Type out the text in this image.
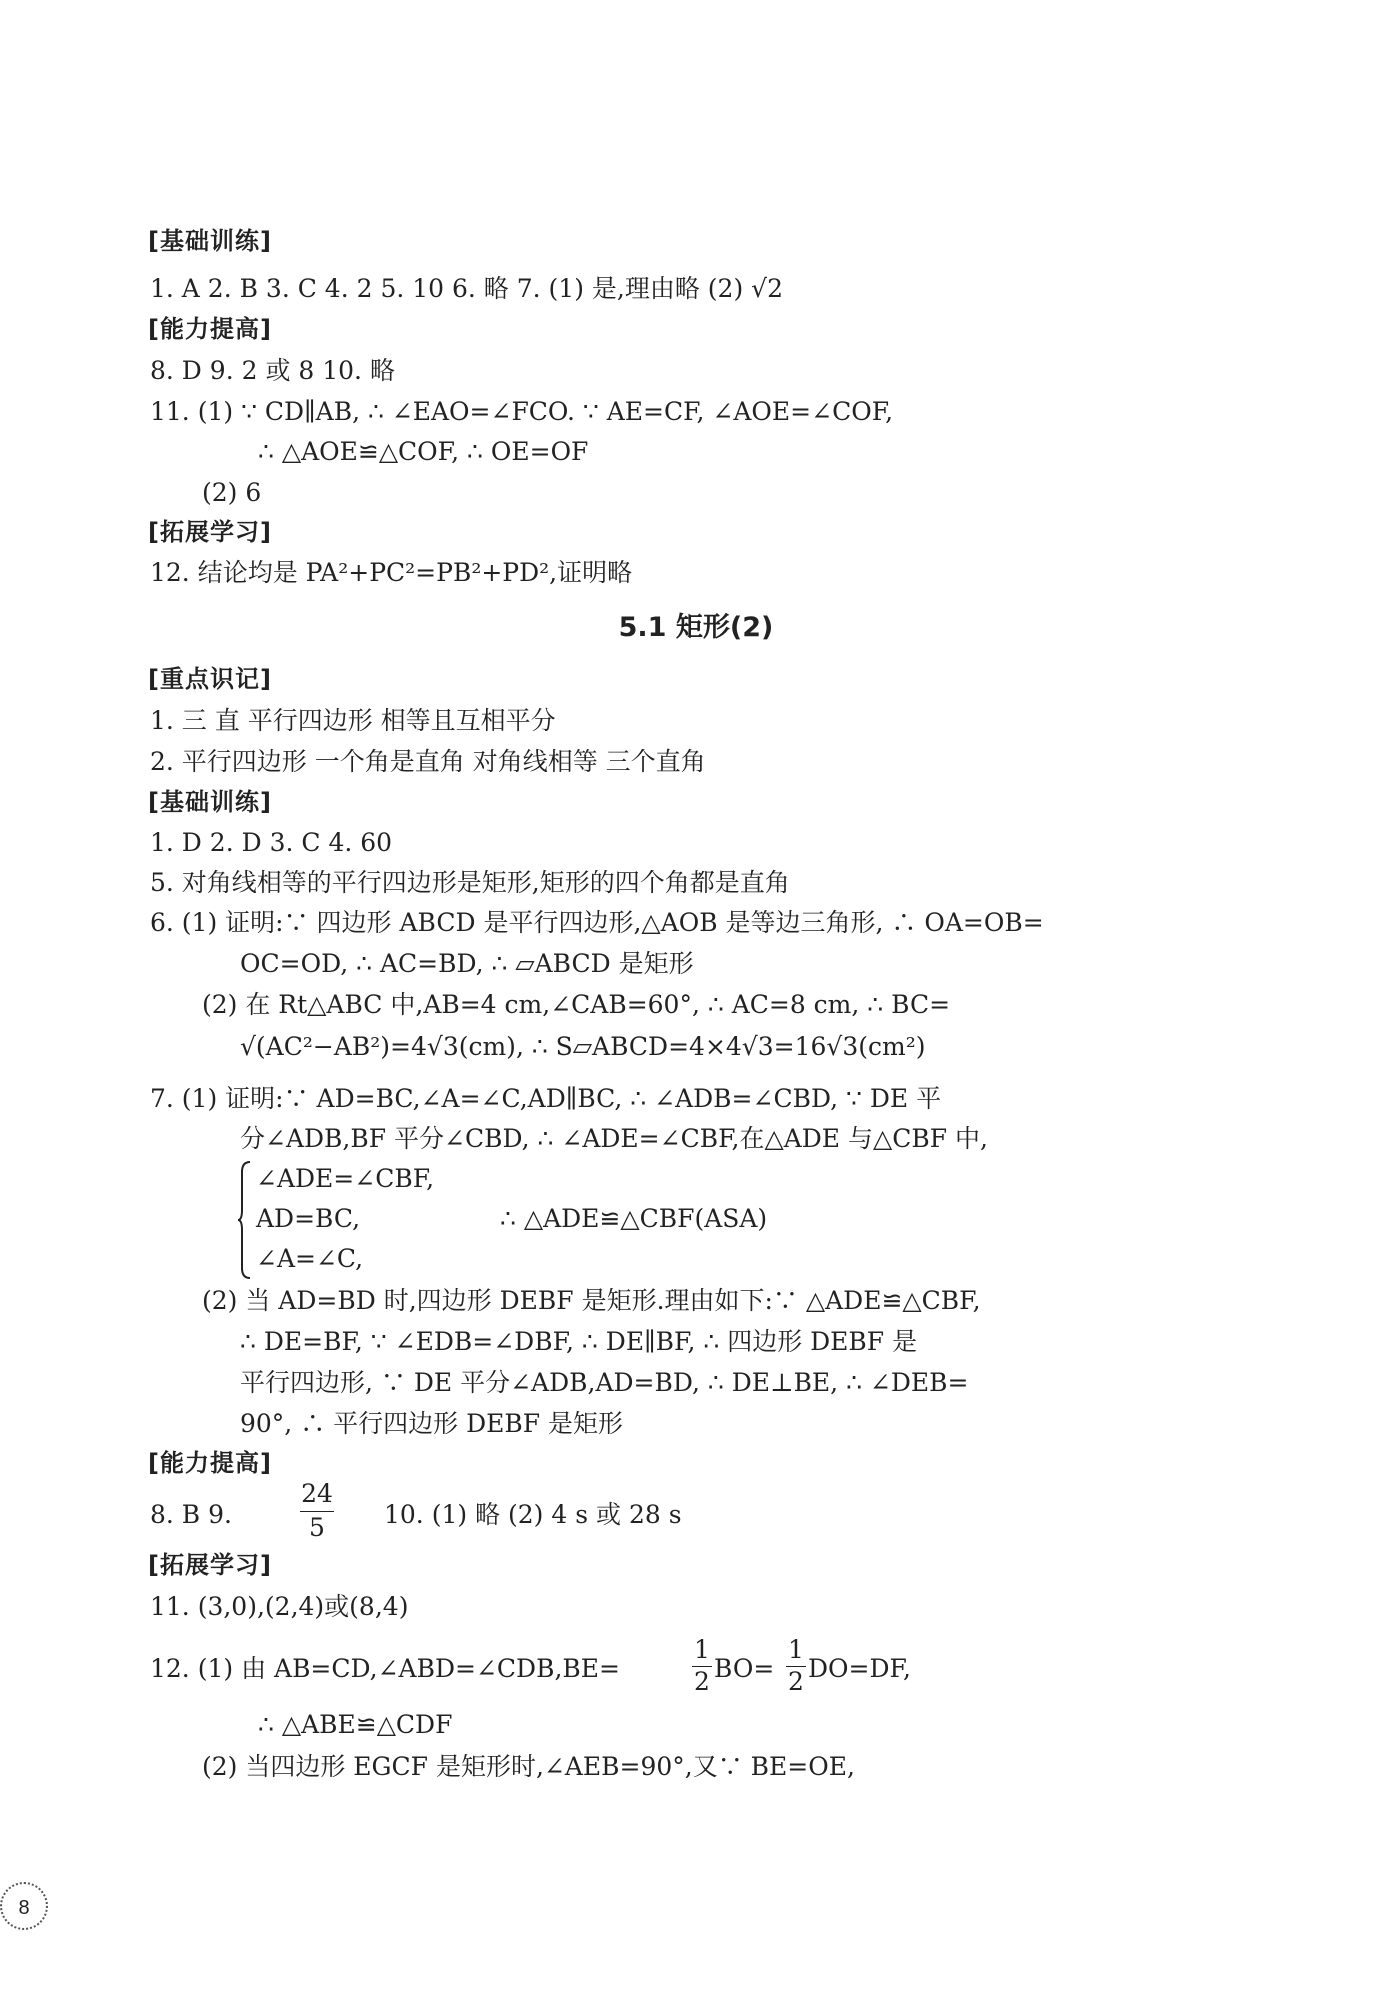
[基础训练]
1. A 2. B 3. C 4. 2 5. 10 6. 略 7. (1) 是,理由略 (2) √2
[能力提高]
8. D 9. 2 或 8 10. 略
11. (1) ∵ CD∥AB, ∴ ∠EAO=∠FCO. ∵ AE=CF, ∠AOE=∠COF,
∴ △AOE≌△COF, ∴ OE=OF
(2) 6
[拓展学习]
12. 结论均是 PA²+PC²=PB²+PD²,证明略
5.1 矩形(2)
[重点识记]
1. 三 直 平行四边形 相等且互相平分
2. 平行四边形 一个角是直角 对角线相等 三个直角
[基础训练]
1. D 2. D 3. C 4. 60
5. 对角线相等的平行四边形是矩形,矩形的四个角都是直角
6. (1) 证明:∵ 四边形 ABCD 是平行四边形,△AOB 是等边三角形, ∴ OA=OB=
OC=OD, ∴ AC=BD, ∴ ▱ABCD 是矩形
(2) 在 Rt△ABC 中,AB=4 cm,∠CAB=60°, ∴ AC=8 cm, ∴ BC=
√(AC²−AB²)=4√3(cm), ∴ S▱ABCD=4×4√3=16√3(cm²)
7. (1) 证明:∵ AD=BC,∠A=∠C,AD∥BC, ∴ ∠ADB=∠CBD, ∵ DE 平
分∠ADB,BF 平分∠CBD, ∴ ∠ADE=∠CBF,在△ADE 与△CBF 中,
∠ADE=∠CBF,
AD=BC,	∴ △ADE≌△CBF(ASA)
∠A=∠C,
(2) 当 AD=BD 时,四边形 DEBF 是矩形.理由如下:∵ △ADE≌△CBF,
∴ DE=BF, ∵ ∠EDB=∠DBF, ∴ DE∥BF, ∴ 四边形 DEBF 是
平行四边形, ∵ DE 平分∠ADB,AD=BD, ∴ DE⊥BE, ∴ ∠DEB=
90°, ∴ 平行四边形 DEBF 是矩形
[能力提高]
8. B 9.
24
5	10. (1) 略 (2) 4 s 或 28 s
[拓展学习]
11. (3,0),(2,4)或(8,4)
12. (1) 由 AB=CD,∠ABD=∠CDB,BE=
1
2 BO=
1
2 DO=DF,
∴ △ABE≌△CDF
(2) 当四边形 EGCF 是矩形时,∠AEB=90°,又∵ BE=OE,
8
